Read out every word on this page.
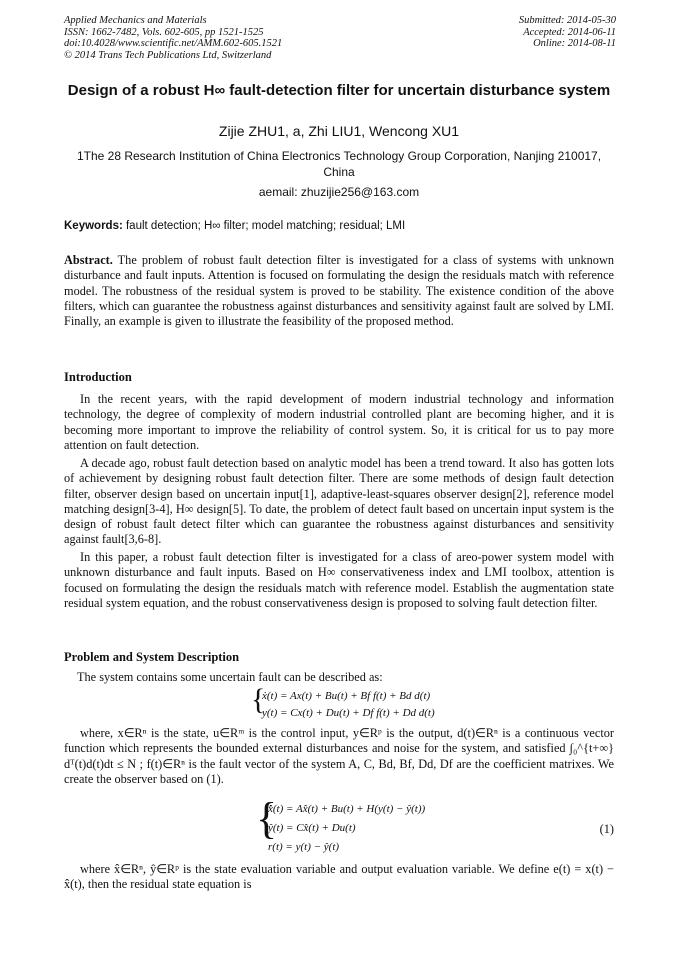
Applied Mechanics and Materials
ISSN: 1662-7482, Vols. 602-605, pp 1521-1525
doi:10.4028/www.scientific.net/AMM.602-605.1521
© 2014 Trans Tech Publications Ltd, Switzerland
Submitted: 2014-05-30
Accepted: 2014-06-11
Online: 2014-08-11
Design of a robust H∞ fault-detection filter for uncertain disturbance system
Zijie ZHU1, a, Zhi LIU1, Wencong XU1
1The 28 Research Institution of China Electronics Technology Group Corporation, Nanjing 210017, China
aemail: zhuzijie256@163.com
Keywords: fault detection; H∞ filter; model matching; residual; LMI
Abstract. The problem of robust fault detection filter is investigated for a class of systems with unknown disturbance and fault inputs. Attention is focused on formulating the design the residuals match with reference model. The robustness of the residual system is proved to be stability. The existence condition of the above filters, which can guarantee the robustness against disturbances and sensitivity against fault are solved by LMI. Finally, an example is given to illustrate the feasibility of the proposed method.
Introduction
In the recent years, with the rapid development of modern industrial technology and information technology, the degree of complexity of modern industrial controlled plant are becoming higher, and it is becoming more important to improve the reliability of control system. So, it is critical for us to pay more attention on fault detection.
A decade ago, robust fault detection based on analytic model has been a trend toward. It also has gotten lots of achievement by designing robust fault detection filter. There are some methods of design fault detection filter, observer design based on uncertain input[1], adaptive-least-squares observer design[2], reference model matching design[3-4], H∞ design[5]. To date, the problem of detect fault based on uncertain input system is the design of robust fault detect filter which can guarantee the robustness against disturbances and sensitivity against fault[3,6-8].
In this paper, a robust fault detection filter is investigated for a class of areo-power system model with unknown disturbance and fault inputs. Based on H∞ conservativeness index and LMI toolbox, attention is focused on formulating the design the residuals match with reference model. Establish the augmentation state residual system equation, and the robust conservativeness design is proposed to solving fault detection filter.
Problem and System Description
The system contains some uncertain fault can be described as:
{
ẋ(t) = Ax(t) + Bu(t) + Bf f(t) + Bd d(t)
y(t) = Cx(t) + Du(t) + Df f(t) + Dd d(t)
where, x∈Rⁿ is the state, u∈Rᵐ is the control input, y∈Rᵖ is the output, d(t)∈Rⁿ is a continuous vector function which represents the bounded external disturbances and noise for the system, and satisfied ∫₀^{t+∞} dᵀ(t)d(t)dt ≤ N ; f(t)∈Rⁿ is the fault vector of the system A, C, Bd, Bf, Dd, Df are the coefficient matrixes. We create the observer based on (1).
{
x̂̇(t) = Ax̂(t) + Bu(t) + H(y(t) − ŷ(t))
ŷ(t) = Cx̂(t) + Du(t)
r(t) = y(t) − ŷ(t)
(1)
where x̂∈Rⁿ, ŷ∈Rᵖ is the state evaluation variable and output evaluation variable. We define e(t) = x(t) − x̂(t), then the residual state equation is
